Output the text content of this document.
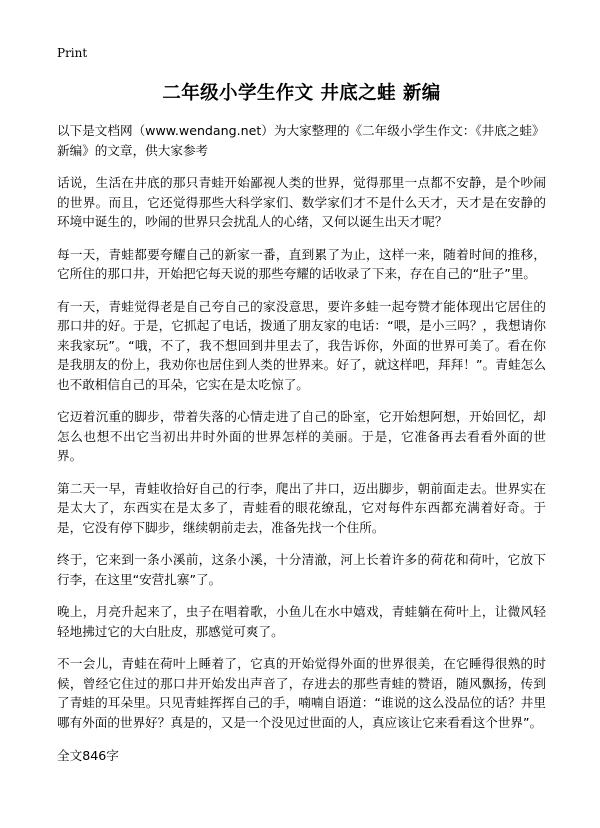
Print
二年级小学生作文 井底之蛙 新编

以下是文档网（www.wendang.net）为大家整理的《二年级小学生作文：《井底之蛙》新编》的文章，供大家参考

话说，生活在井底的那只青蛙开始鄙视人类的世界，觉得那里一点都不安静，是个吵闹的世界。而且，它还觉得那些大科学家们、数学家们才不是什么天才，天才是在安静的环境中诞生的，吵闹的世界只会扰乱人的心绪，又何以诞生出天才呢？

每一天，青蛙都要夸耀自己的新家一番，直到累了为止，这样一来，随着时间的推移，它所住的那口井，开始把它每天说的那些夸耀的话收录了下来，存在自己的“肚子”里。

有一天，青蛙觉得老是自己夸自己的家没意思，要许多蛙一起夸赞才能体现出它居住的那口井的好。于是，它抓起了电话，拨通了朋友家的电话：“喂，是小三吗？，我想请你来我家玩”。“哦，不了，我不想回到井里去了，我告诉你，外面的世界可美了。看在你是我朋友的份上，我劝你也居住到人类的世界来。好了，就这样吧，拜拜！”。青蛙怎么也不敢相信自己的耳朵，它实在是太吃惊了。

它迈着沉重的脚步，带着失落的心情走进了自己的卧室，它开始想阿想，开始回忆，却怎么也想不出它当初出井时外面的世界怎样的美丽。于是，它准备再去看看外面的世界。

第二天一早，青蛙收拾好自己的行李，爬出了井口，迈出脚步，朝前面走去。世界实在是太大了，东西实在是太多了，青蛙看的眼花缭乱，它对每件东西都充满着好奇。于是，它没有停下脚步，继续朝前走去，准备先找一个住所。

终于，它来到一条小溪前，这条小溪，十分清澈，河上长着许多的荷花和荷叶，它放下行李，在这里“安营扎寨”了。

晚上，月亮升起来了，虫子在唱着歌，小鱼儿在水中嬉戏，青蛙躺在荷叶上，让微风轻轻地拂过它的大白肚皮，那感觉可爽了。

不一会儿，青蛙在荷叶上睡着了，它真的开始觉得外面的世界很美，在它睡得很熟的时候，曾经它住过的那口井开始发出声音了，存进去的那些青蛙的赞语，随风飘扬，传到了青蛙的耳朵里。只见青蛙挥挥自己的手，喃喃自语道：“谁说的这么没品位的话？井里哪有外面的世界好？真是的，又是一个没见过世面的人，真应该让它来看看这个世界”。

全文846字
